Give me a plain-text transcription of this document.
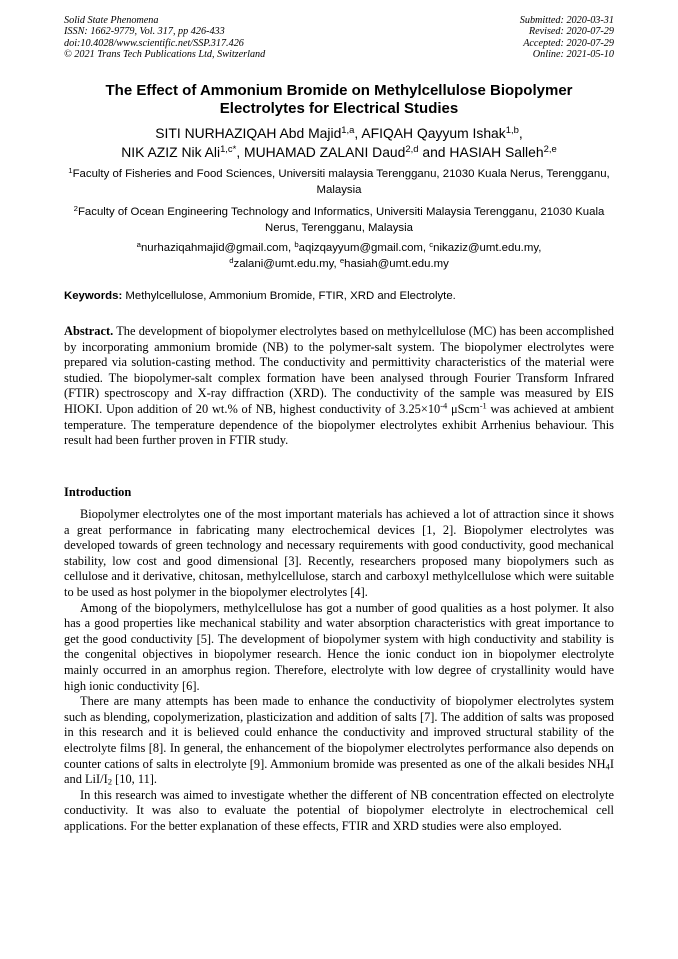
Solid State Phenomena
ISSN: 1662-9779, Vol. 317, pp 426-433
doi:10.4028/www.scientific.net/SSP.317.426
© 2021 Trans Tech Publications Ltd, Switzerland
Submitted: 2020-03-31
Revised: 2020-07-29
Accepted: 2020-07-29
Online: 2021-05-10
The Effect of Ammonium Bromide on Methylcellulose Biopolymer Electrolytes for Electrical Studies
SITI NURHAZIQAH Abd Majid$^{1,a}$, AFIQAH Qayyum Ishak$^{1,b}$,
NIK AZIZ Nik Ali$^{1,c*}$, MUHAMAD ZALANI Daud$^{2,d}$ and HASIAH Salleh$^{2,e}$
$^1$Faculty of Fisheries and Food Sciences, Universiti malaysia Terengganu, 21030 Kuala Nerus, Terengganu, Malaysia
$^2$Faculty of Ocean Engineering Technology and Informatics, Universiti Malaysia Terengganu, 21030 Kuala Nerus, Terengganu, Malaysia
$^a$nurhaziqahmajid@gmail.com, $^b$aqizqayyum@gmail.com, $^c$nikaziz@umt.edu.my,
$^d$zalani@umt.edu.my, $^e$hasiah@umt.edu.my
Keywords: Methylcellulose, Ammonium Bromide, FTIR, XRD and Electrolyte.
Abstract. The development of biopolymer electrolytes based on methylcellulose (MC) has been accomplished by incorporating ammonium bromide (NB) to the polymer-salt system. The biopolymer electrolytes were prepared via solution-casting method. The conductivity and permittivity characteristics of the material were studied. The biopolymer-salt complex formation have been analysed through Fourier Transform Infrared (FTIR) spectroscopy and X-ray diffraction (XRD). The conductivity of the sample was measured by EIS HIOKI. Upon addition of 20 wt.% of NB, highest conductivity of $3.25\times 10^{-4}$ μScm$^{-1}$ was achieved at ambient temperature. The temperature dependence of the biopolymer electrolytes exhibit Arrhenius behaviour. This result had been further proven in FTIR study.
Introduction

Biopolymer electrolytes one of the most important materials has achieved a lot of attraction since it shows a great performance in fabricating many electrochemical devices [1, 2]. Biopolymer electrolytes was developed towards of green technology and necessary requirements with good conductivity, good mechanical stability, low cost and good dimensional [3]. Recently, researchers proposed many biopolymers such as cellulose and it derivative, chitosan, methylcellulose, starch and carboxyl methylcellulose which were suitable to be used as host polymer in the biopolymer electrolytes [4].

Among of the biopolymers, methylcellulose has got a number of good qualities as a host polymer. It also has a good properties like mechanical stability and water absorption characteristics with great importance to get the good conductivity [5]. The development of biopolymer system with high conductivity and stability is the congenital objectives in biopolymer research. Hence the ionic conduct ion in biopolymer electrolyte mainly occurred in an amorphus region. Therefore, electrolyte with low degree of crystallinity would have high ionic conductivity [6].

There are many attempts has been made to enhance the conductivity of biopolymer electrolytes system such as blending, copolymerization, plasticization and addition of salts [7]. The addition of salts was proposed in this research and it is believed could enhance the conductivity and improved structural stability of the electrolyte films [8]. In general, the enhancement of the biopolymer electrolytes performance also depends on counter cations of salts in electrolyte [9]. Ammonium bromide was presented as one of the alkali besides $NH_4I$ and LiI/$I_2$ [10, 11].

In this research was aimed to investigate whether the different of NB concentration effected on electrolyte conductivity. It was also to evaluate the potential of biopolymer electrolyte in electrochemical cell applications. For the better explanation of these effects, FTIR and XRD studies were also employed.
